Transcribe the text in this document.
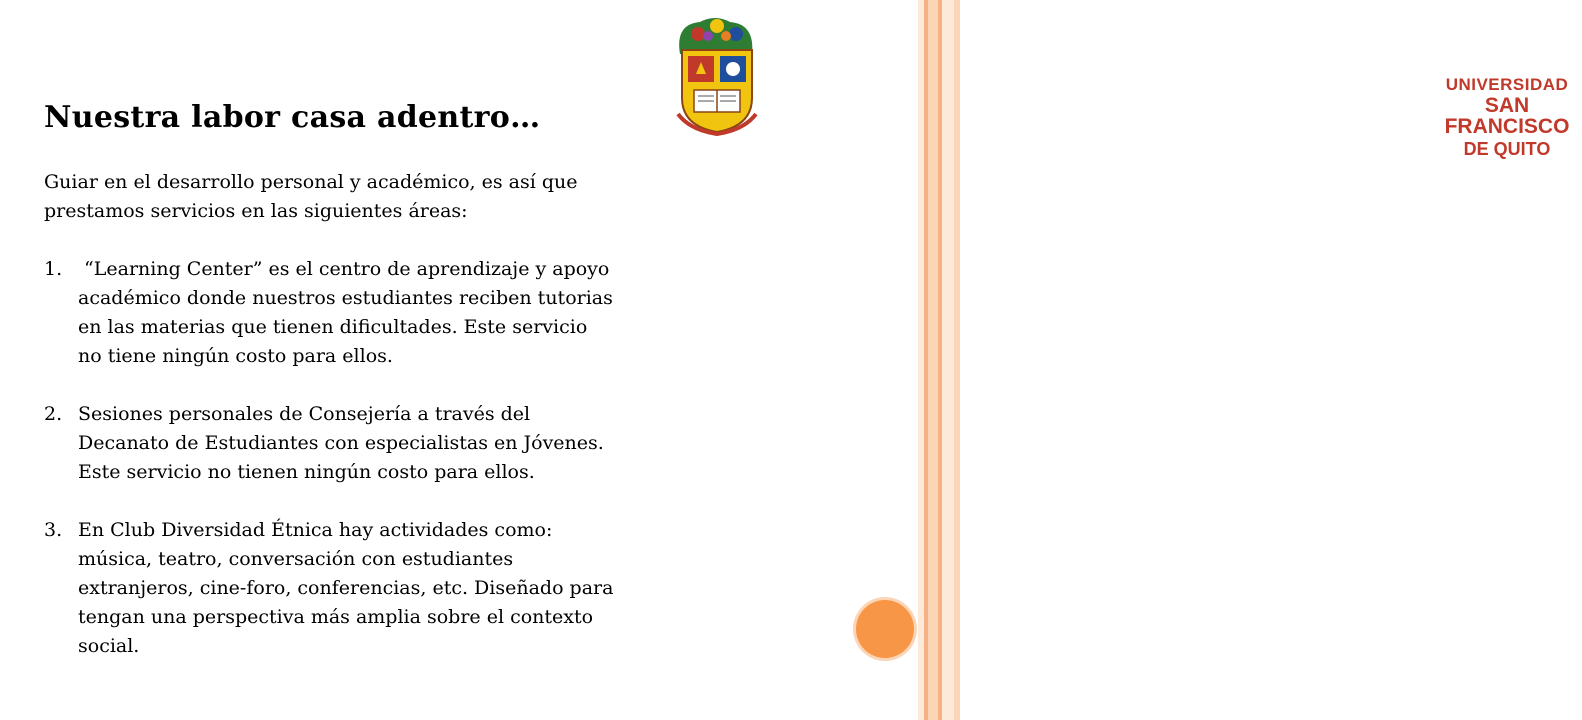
UNIVERSIDAD
SAN FRANCISCO
DE QUITO
Nuestra labor casa adentro…

Guiar en el desarrollo personal y académico, es así que

prestamos servicios en las siguientes áreas:

1. “Learning Center” es el centro de aprendizaje y apoyo

académico donde nuestros estudiantes reciben tutorias

en las materias que tienen dificultades. Este servicio

no tiene ningún costo para ellos.

2. Sesiones personales de Consejería a través del

Decanato de Estudiantes con especialistas en Jóvenes.

Este servicio no tienen ningún costo para ellos.

3. En Club Diversidad Étnica hay actividades como:

música, teatro, conversación con estudiantes

extranjeros, cine-foro, conferencias, etc. Diseñado para

tengan una perspectiva más amplia sobre el contexto

social.
